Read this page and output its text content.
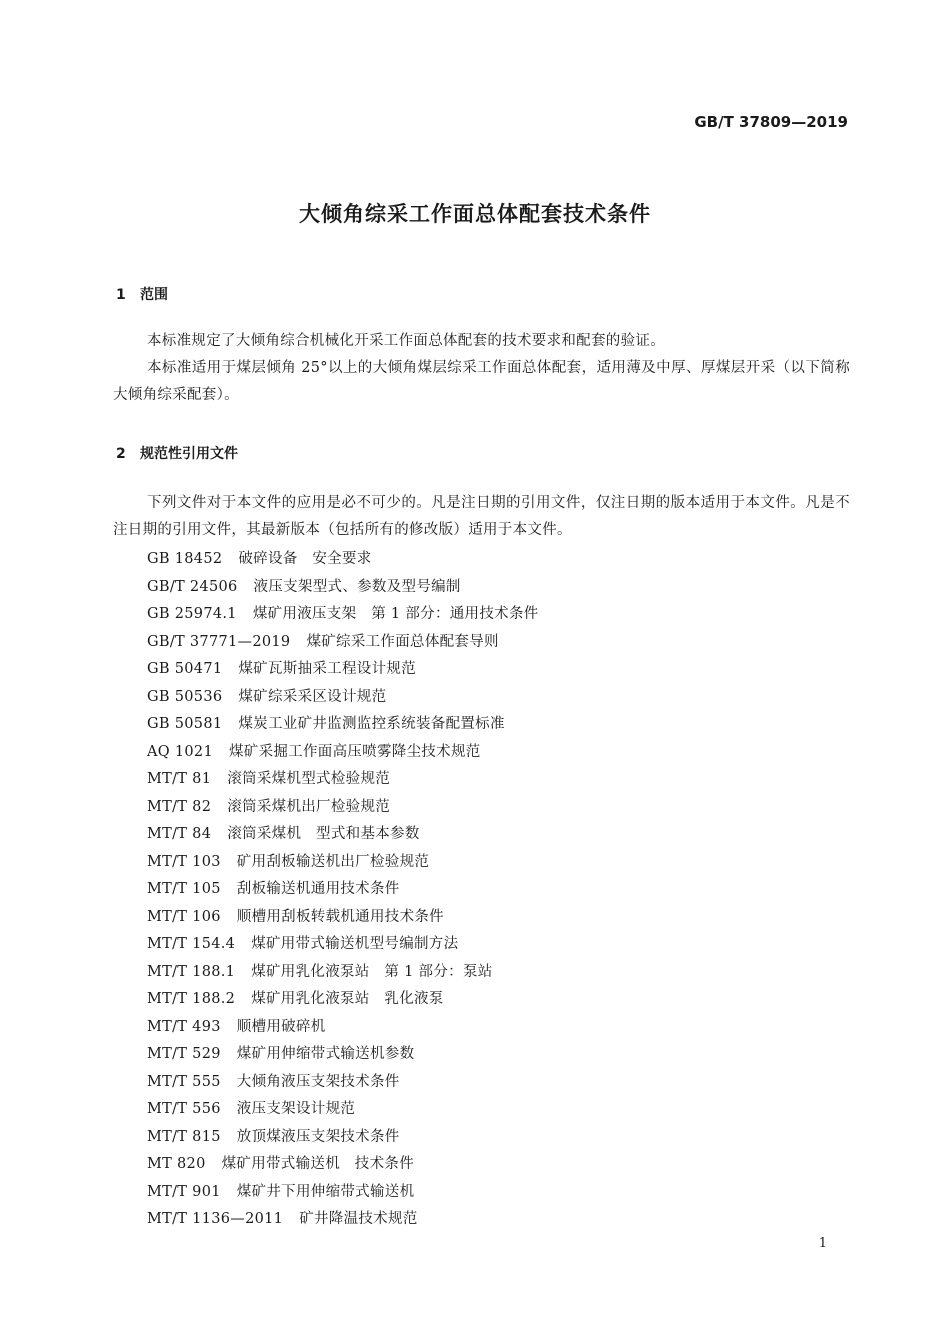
GB/T 37809—2019
大倾角综采工作面总体配套技术条件
1 范围

本标准规定了大倾角综合机械化开采工作面总体配套的技术要求和配套的验证。

本标准适用于煤层倾角 25°以上的大倾角煤层综采工作面总体配套，适用薄及中厚、厚煤层开采（以下简称大倾角综采配套）。

2 规范性引用文件

下列文件对于本文件的应用是必不可少的。凡是注日期的引用文件，仅注日期的版本适用于本文件。凡是不注日期的引用文件，其最新版本（包括所有的修改版）适用于本文件。

GB 18452 破碎设备　安全要求
GB/T 24506 液压支架型式、参数及型号编制
GB 25974.1 煤矿用液压支架　第 1 部分：通用技术条件
GB/T 37771—2019 煤矿综采工作面总体配套导则
GB 50471 煤矿瓦斯抽采工程设计规范
GB 50536 煤矿综采采区设计规范
GB 50581 煤炭工业矿井监测监控系统装备配置标准
AQ 1021 煤矿采掘工作面高压喷雾降尘技术规范
MT/T 81 滚筒采煤机型式检验规范
MT/T 82 滚筒采煤机出厂检验规范
MT/T 84 滚筒采煤机　型式和基本参数
MT/T 103 矿用刮板输送机出厂检验规范
MT/T 105 刮板输送机通用技术条件
MT/T 106 顺槽用刮板转载机通用技术条件
MT/T 154.4 煤矿用带式输送机型号编制方法
MT/T 188.1 煤矿用乳化液泵站　第 1 部分：泵站
MT/T 188.2 煤矿用乳化液泵站　乳化液泵
MT/T 493 顺槽用破碎机
MT/T 529 煤矿用伸缩带式输送机参数
MT/T 555 大倾角液压支架技术条件
MT/T 556 液压支架设计规范
MT/T 815 放顶煤液压支架技术条件
MT 820 煤矿用带式输送机　技术条件
MT/T 901 煤矿井下用伸缩带式输送机
MT/T 1136—2011 矿井降温技术规范
1
